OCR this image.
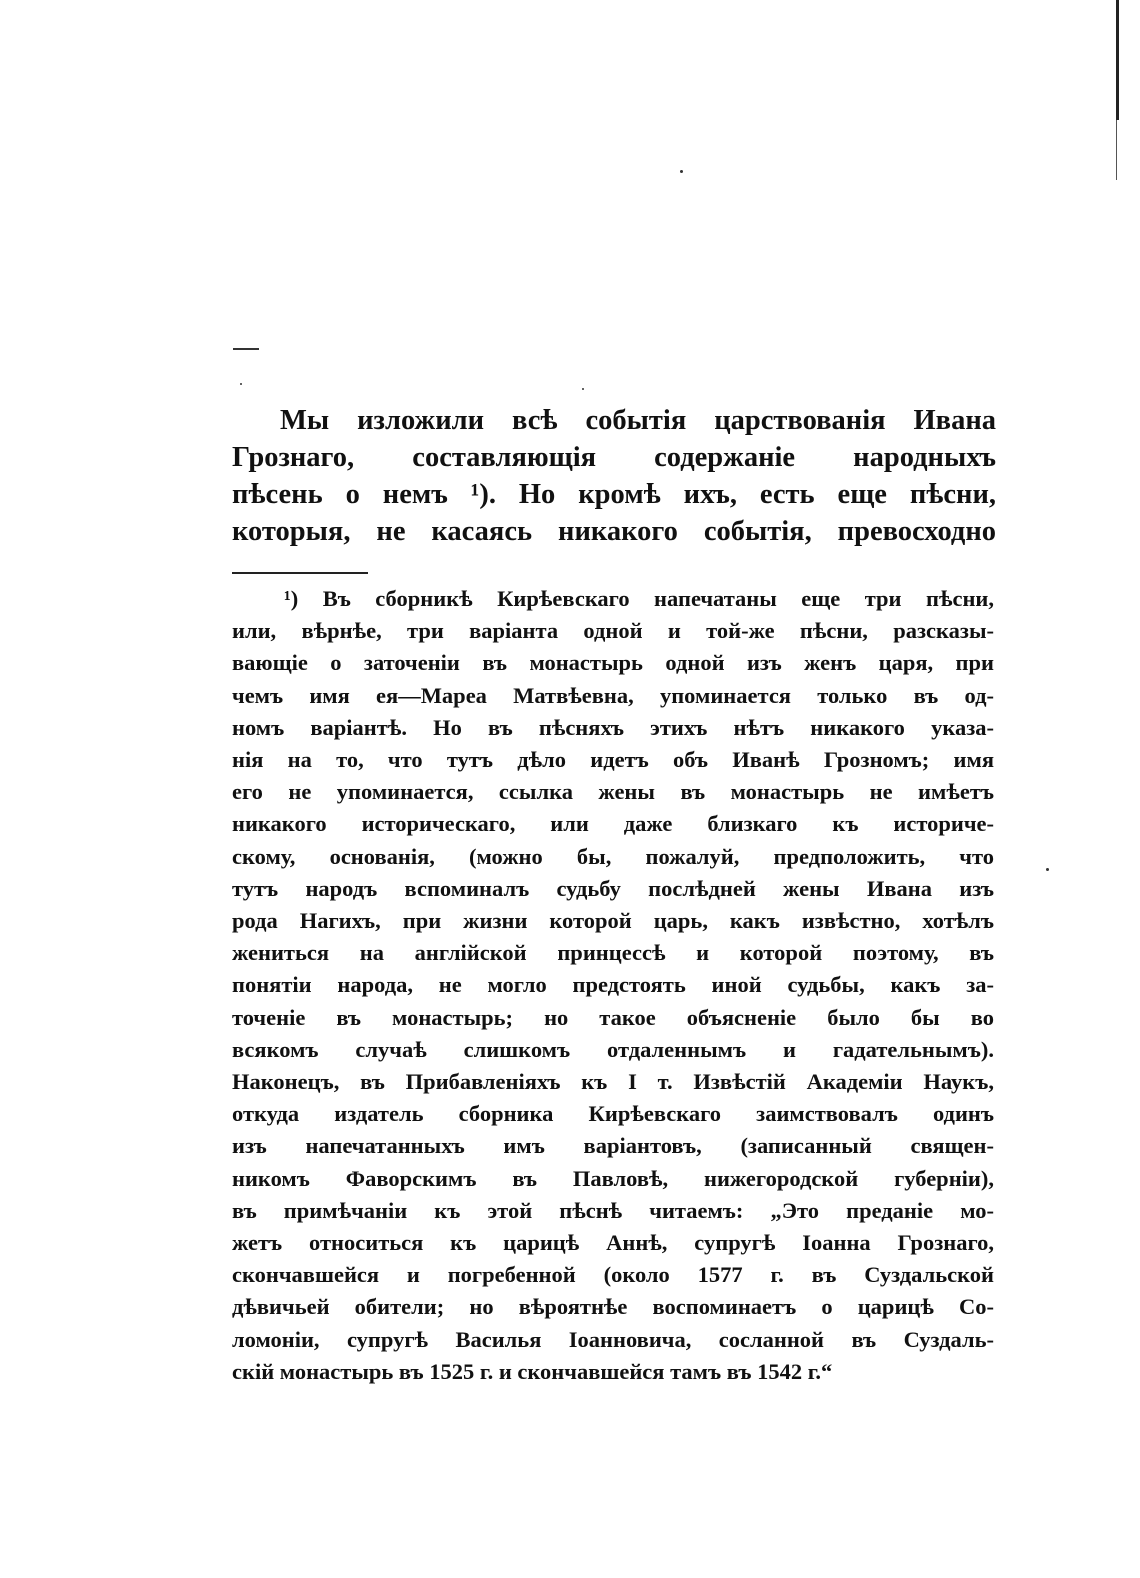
Мы изложили всѣ событія царствованія Ивана
Грознаго, составляющія содержаніе народныхъ
пѣсень о немъ ¹). Но кромѣ ихъ, есть еще пѣсни,
которыя, не касаясь никакого событія, превосходно
¹) Въ сборникѣ Кирѣевскаго напечатаны еще три пѣсни,
или, вѣрнѣе, три варіанта одной и той-же пѣсни, разсказы-
вающіе о заточеніи въ монастырь одной изъ женъ царя, при
чемъ имя ея—Мареа Матвѣевна, упоминается только въ од-
номъ варіантѣ. Но въ пѣсняхъ этихъ нѣтъ никакого указа-
нія на то, что тутъ дѣло идетъ объ Иванѣ Грозномъ; имя
его не упоминается, ссылка жены въ монастырь не имѣетъ
никакого историческаго, или даже близкаго къ историче-
скому, основанія, (можно бы, пожалуй, предположить, что
тутъ народъ вспоминалъ судьбу послѣдней жены Ивана изъ
рода Нагихъ, при жизни которой царь, какъ извѣстно, хотѣлъ
жениться на англійской принцессѣ и которой поэтому, въ
понятіи народа, не могло предстоять иной судьбы, какъ за-
точеніе въ монастырь; но такое объясненіе было бы во
всякомъ случаѣ слишкомъ отдаленнымъ и гадательнымъ).
Наконецъ, въ Прибавленіяхъ къ I т. Извѣстій Академіи Наукъ,
откуда издатель сборника Кирѣевскаго заимствовалъ одинъ
изъ напечатанныхъ имъ варіантовъ, (записанный священ-
никомъ Фаворскимъ въ Павловѣ, нижегородской губерніи),
въ примѣчаніи къ этой пѣснѣ читаемъ: „Это преданіе мо-
жетъ относиться къ царицѣ Аннѣ, супругѣ Іоанна Грознаго,
скончавшейся и погребенной (около 1577 г. въ Суздальской
дѣвичьей обители; но вѣроятнѣе воспоминаетъ о царицѣ Со-
ломоніи, супругѣ Василья Іоанновича, сосланной въ Суздаль-
скій монастырь въ 1525 г. и скончавшейся тамъ въ 1542 г.“
